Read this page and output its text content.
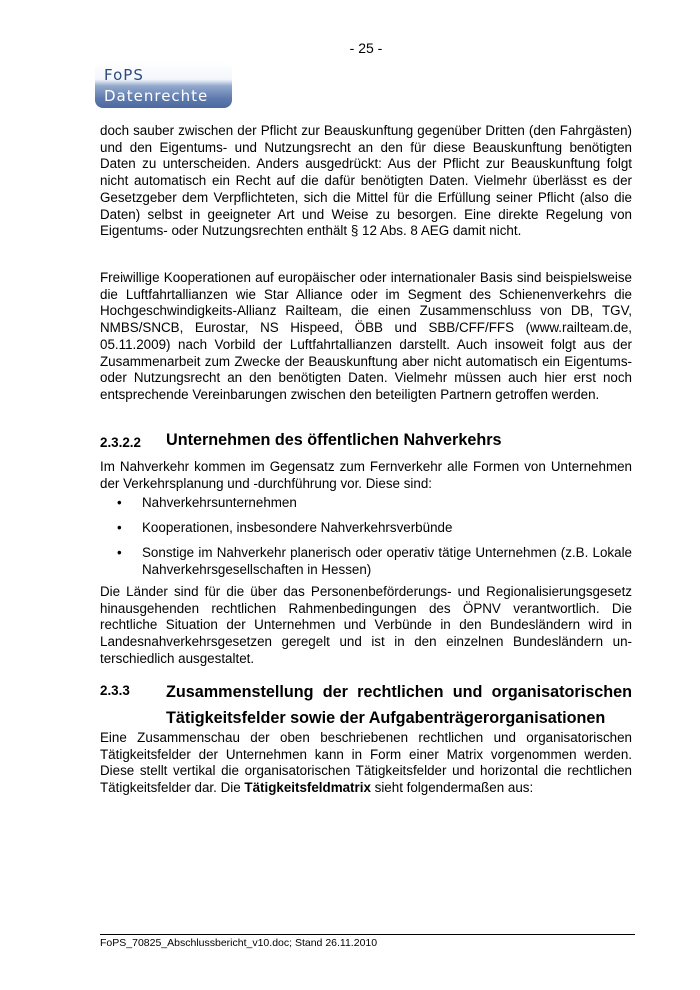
- 25 -
FoPS
Datenrechte

doch sauber zwischen der Pflicht zur Beauskunftung gegenüber Dritten (den Fahrgästen) und den Eigentums- und Nutzungsrecht an den für diese Beauskunftung benötigten Daten zu unterscheiden. Anders ausgedrückt: Aus der Pflicht zur Beauskunftung folgt nicht automatisch ein Recht auf die dafür benötigten Daten. Vielmehr überlässt es der Gesetzgeber dem Verpflichteten, sich die Mittel für die Erfüllung seiner Pflicht (also die Daten) selbst in geeigneter Art und Weise zu besorgen. Eine direkte Regelung von Eigentums- oder Nutzungsrechten enthält § 12 Abs. 8 AEG damit nicht.

Freiwillige Kooperationen auf europäischer oder internationaler Basis sind beispielsweise die Luftfahrtallianzen wie Star Alliance oder im Segment des Schienenverkehrs die Hochgeschwindigkeits-Allianz Railteam, die einen Zusammenschluss von DB, TGV, NMBS/SNCB, Eurostar, NS Hispeed, ÖBB und SBB/CFF/FFS (www.railteam.de, 05.11.2009) nach Vorbild der Luftfahrtallianzen darstellt. Auch insoweit folgt aus der Zusammenarbeit zum Zwecke der Beauskunftung aber nicht automatisch ein Eigentums- oder Nutzungsrecht an den benötigten Daten. Vielmehr müssen auch hier erst noch entsprechende Vereinbarungen zwischen den beteiligten Partnern getroffen werden.

2.3.2.2 Unternehmen des öffentlichen Nahverkehrs

Im Nahverkehr kommen im Gegensatz zum Fernverkehr alle Formen von Unternehmen der Verkehrsplanung und -durchführung vor. Diese sind:

• Nahverkehrsunternehmen
• Kooperationen, insbesondere Nahverkehrsverbünde
• Sonstige im Nahverkehr planerisch oder operativ tätige Unternehmen (z.B. Lokale Nahverkehrsgesellschaften in Hessen)

Die Länder sind für die über das Personenbeförderungs- und Regionalisierungsgesetz hinausgehenden rechtlichen Rahmenbedingungen des ÖPNV verantwortlich. Die rechtliche Situation der Unternehmen und Verbünde in den Bundesländern wird in Landesnahverkehrsgesetzen geregelt und ist in den einzelnen Bundesländern unterschiedlich ausgestaltet.

2.3.3 Zusammenstellung der rechtlichen und organisatorischen Tätigkeitsfelder sowie der Aufgabenträgerorganisationen

Eine Zusammenschau der oben beschriebenen rechtlichen und organisatorischen Tätigkeitsfelder der Unternehmen kann in Form einer Matrix vorgenommen werden. Diese stellt vertikal die organisatorischen Tätigkeitsfelder und horizontal die rechtlichen Tätigkeitsfelder dar. Die Tätigkeitsfeldmatrix sieht folgendermaßen aus:

FoPS_70825_Abschlussbericht_v10.doc; Stand 26.11.2010
